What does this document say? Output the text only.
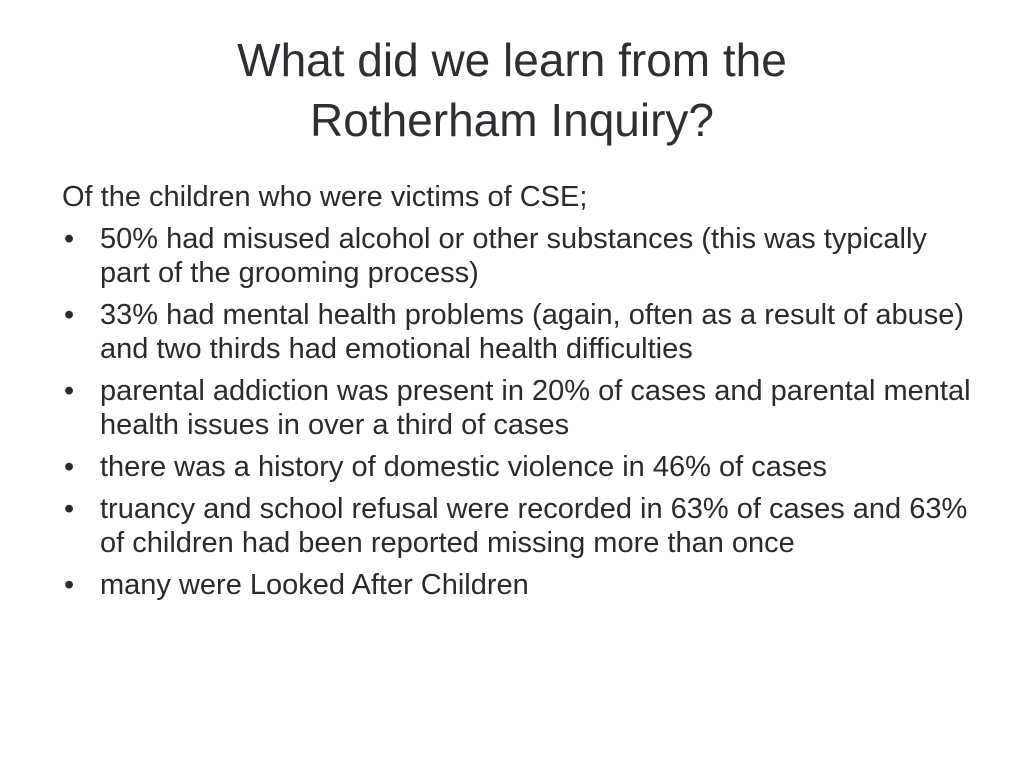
What did we learn from the
Rotherham Inquiry?

Of the children who were victims of CSE;

• 50% had misused alcohol or other substances (this was typically part of the grooming process)
• 33% had mental health problems (again, often as a result of abuse) and two thirds had emotional health difficulties
• parental addiction was present in 20% of cases and parental mental health issues in over a third of cases
• there was a history of domestic violence in 46% of cases
• truancy and school refusal were recorded in 63% of cases and 63% of children had been reported missing more than once
• many were Looked After Children
